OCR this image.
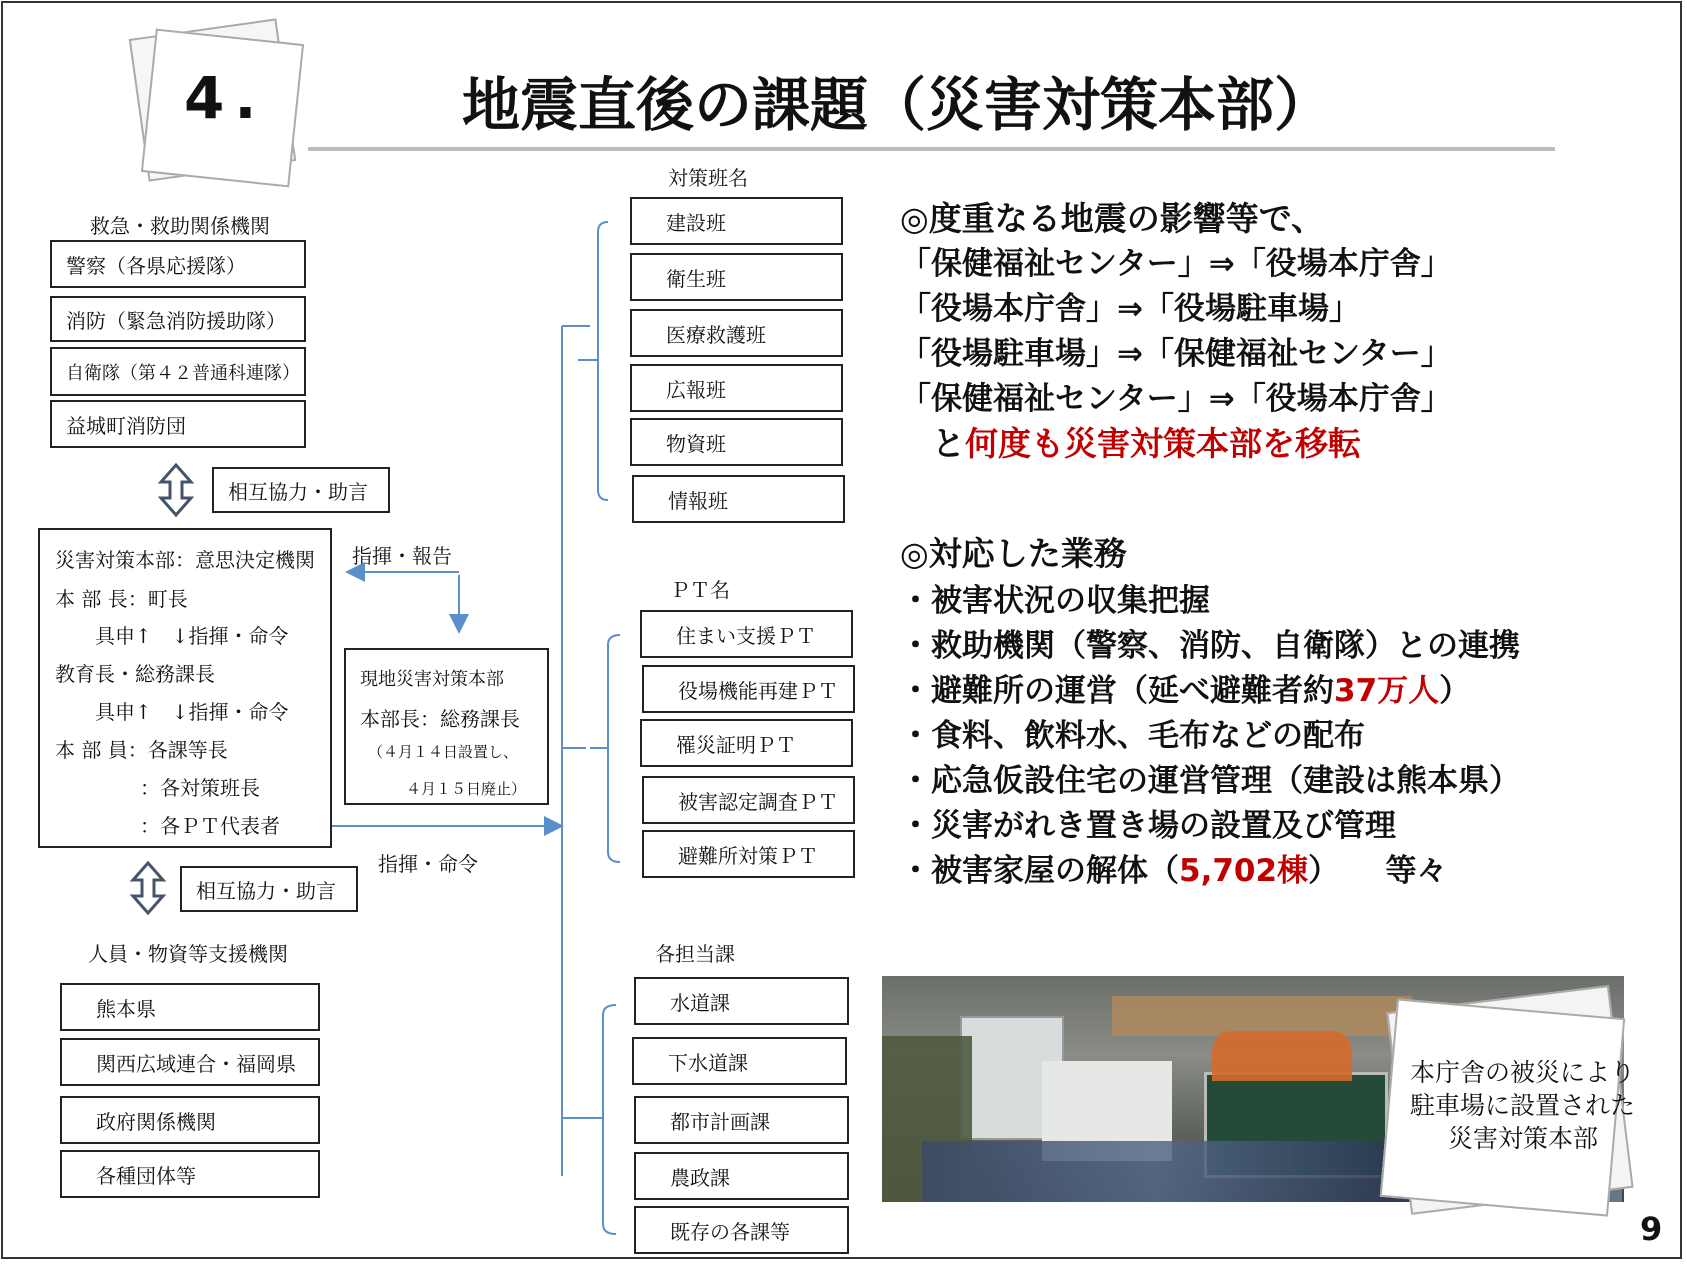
4.	地震直後の課題（災害対策本部）
救急・救助関係機関
警察（各県応援隊）
消防（緊急消防援助隊）
自衛隊（第４２普通科連隊）
益城町消防団
相互協力・助言
災害対策本部：意思決定機関
本 部 長：町長
具申↑　↓指揮・命令
教育長・総務課長
具申↑　↓指揮・命令
本 部 員：各課等長
：各対策班長
：各ＰＴ代表者
指揮・報告
現地災害対策本部
本部長：総務課長
（４月１４日設置し、
４月１５日廃止）
指揮・命令
相互協力・助言
人員・物資等支援機関
熊本県
関西広域連合・福岡県
政府関係機関
各種団体等
対策班名
建設班
衛生班
医療救護班
広報班
物資班
情報班
ＰＴ名
住まい支援ＰＴ
役場機能再建ＰＴ
罹災証明ＰＴ
被害認定調査ＰＴ
避難所対策ＰＴ
各担当課
水道課
下水道課
都市計画課
農政課
既存の各課等
◎度重なる地震の影響等で、
「保健福祉センター」⇒「役場本庁舎」
「役場本庁舎」⇒「役場駐車場」
「役場駐車場」⇒「保健福祉センター」
「保健福祉センター」⇒「役場本庁舎」
と何度も災害対策本部を移転
◎対応した業務
・被害状況の収集把握
・救助機関（警察、消防、自衛隊）との連携
・避難所の運営（延べ避難者約37万人）
・食料、飲料水、毛布などの配布
・応急仮設住宅の運営管理（建設は熊本県）
・災害がれき置き場の設置及び管理
・被害家屋の解体（5,702棟）　　等々
本庁舎の被災により
駐車場に設置された
災害対策本部
9
